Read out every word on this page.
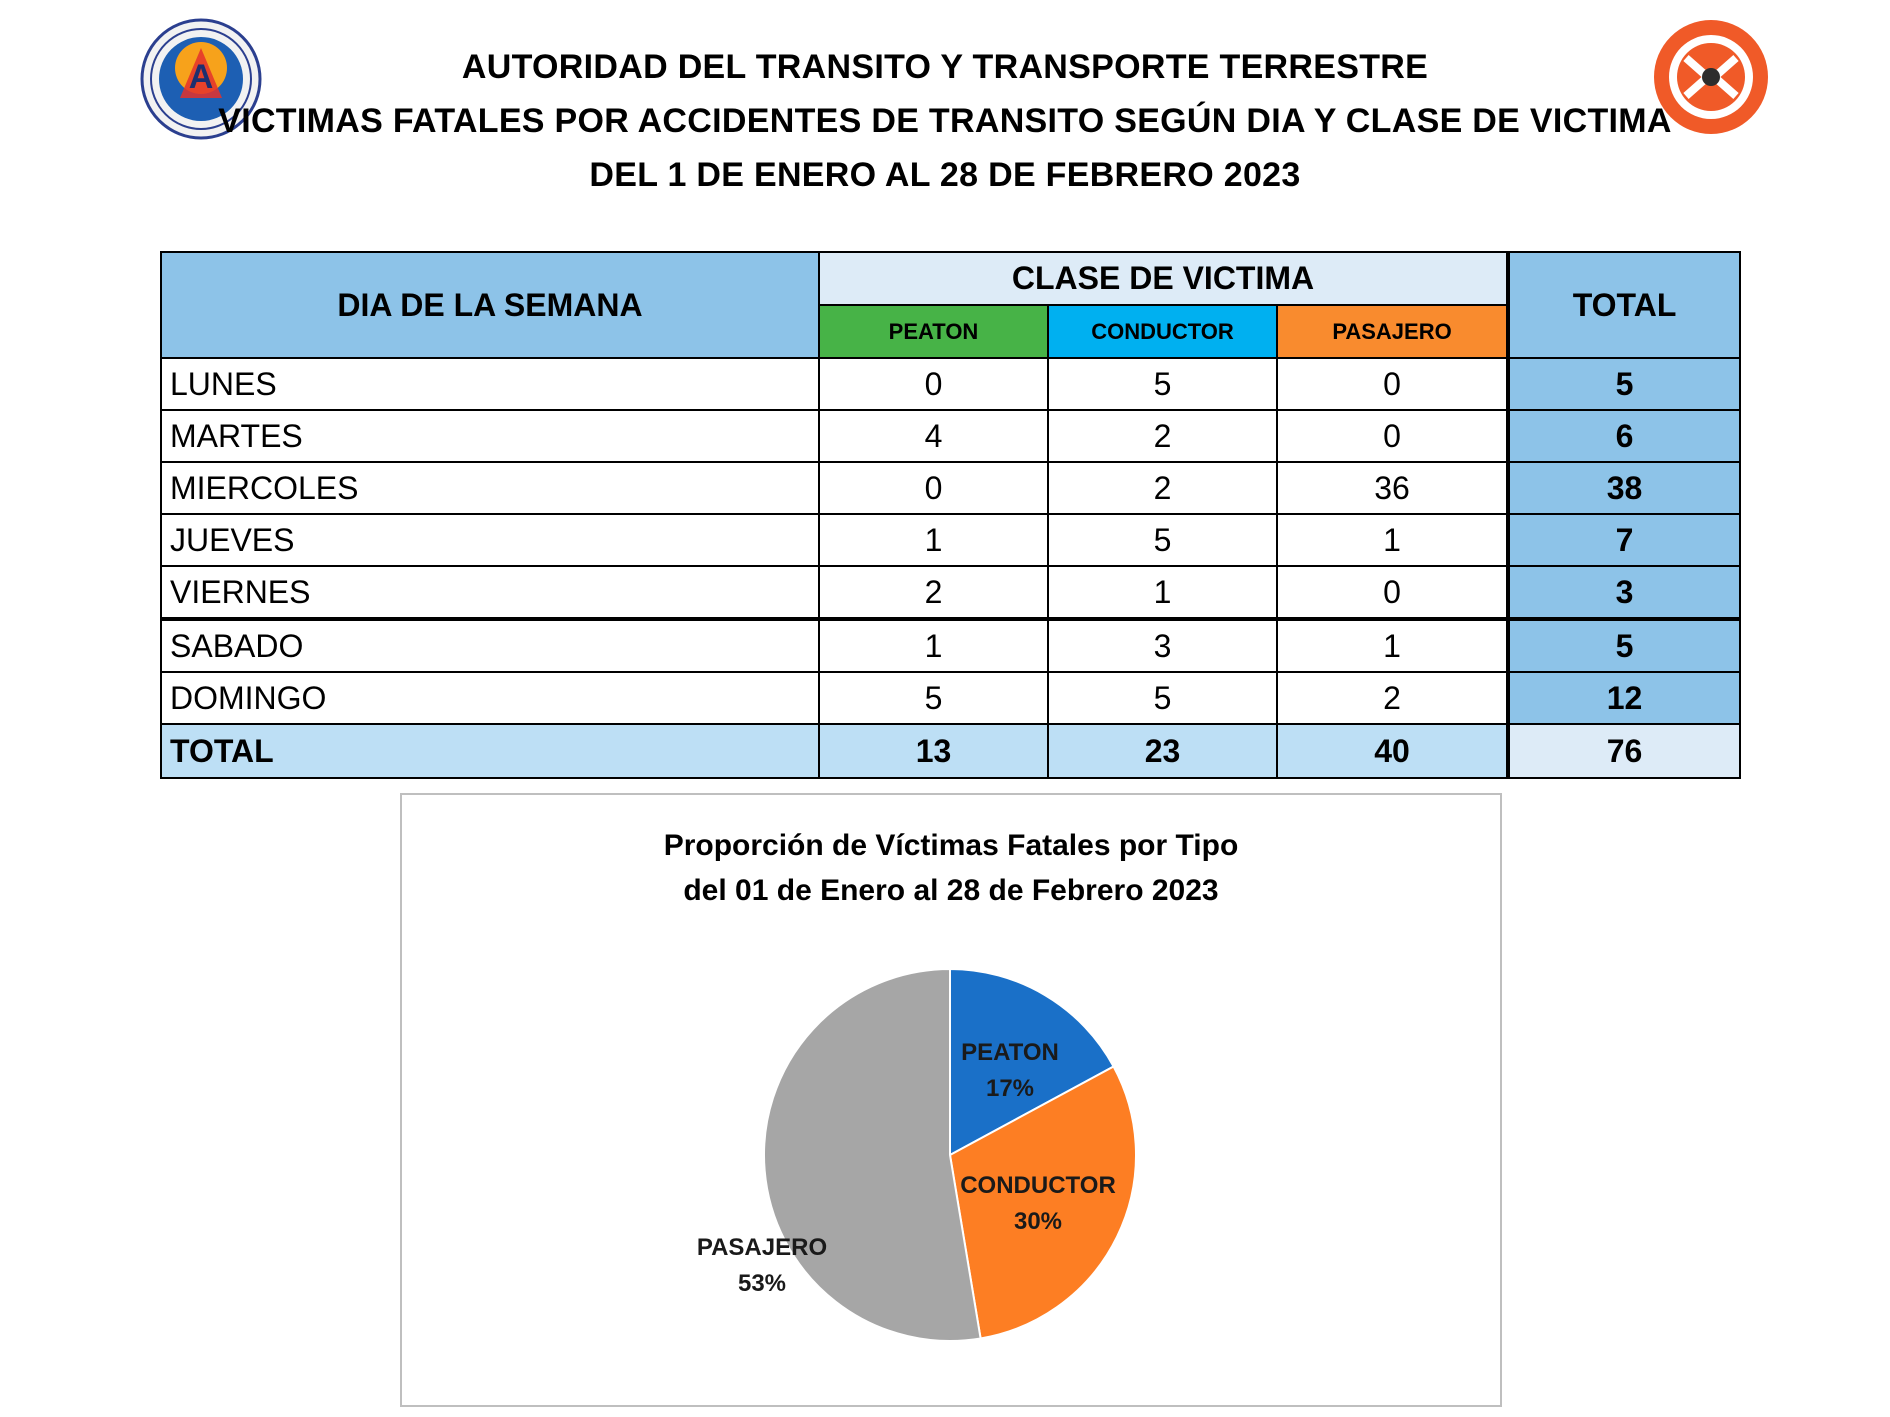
A	AUTORIDAD DEL TRANSITO Y TRANSPORTE TERRESTRE
VICTIMAS FATALES POR ACCIDENTES DE TRANSITO SEGÚN DIA Y CLASE DE VICTIMA
DEL 1 DE ENERO AL 28 DE FEBRERO 2023
DIA DE LA SEMANA	CLASE DE VICTIMA			TOTAL
	PEATON	CONDUCTOR	PASAJERO	
LUNES	0	5	0	5
MARTES	4	2	0	6
MIERCOLES	0	2	36	38
JUEVES	1	5	1	7
VIERNES	2	1	0	3
SABADO	1	3	1	5
DOMINGO	5	5	2	12
TOTAL	13	23	40	76
Proporción de Víctimas Fatales por Tipo
del 01 de Enero al 28 de Febrero 2023
PEATON
17%
CONDUCTOR
30%
PASAJERO
53%
